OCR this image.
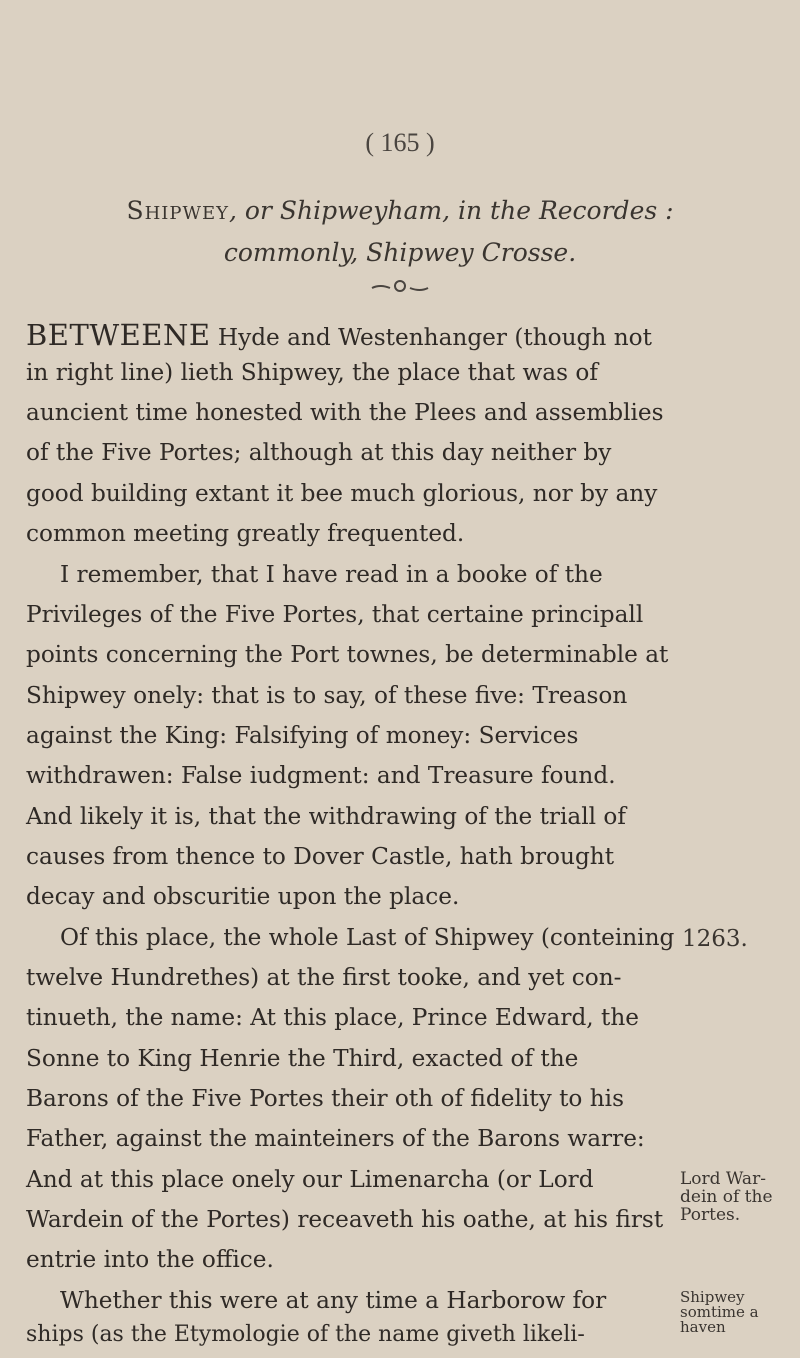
( 165 )
Shipwey, or Shipweyham, in the Recordes :
commonly, Shipwey Crosse.
BETWEENE Hyde and Westenhanger (though not
in right line) lieth Shipwey, the place that was of
auncient time honested with the Plees and assemblies
of the Five Portes; although at this day neither by
good building extant it bee much glorious, nor by any
common meeting greatly frequented.
I remember, that I have read in a booke of the
Privileges of the Five Portes, that certaine principall
points concerning the Port townes, be determinable at
Shipwey onely: that is to say, of these five: Treason
against the King: Falsifying of money: Services
withdrawen: False iudgment: and Treasure found.
And likely it is, that the withdrawing of the triall of
causes from thence to Dover Castle, hath brought
decay and obscuritie upon the place.
Of this place, the whole Last of Shipwey (conteining 1263.
twelve Hundrethes) at the first tooke, and yet con-
tinueth, the name: At this place, Prince Edward, the
Sonne to King Henrie the Third, exacted of the
Barons of the Five Portes their oth of fidelity to his
Father, against the mainteiners of the Barons warre:
And at this place onely our Limenarcha (or Lord
Wardein of the Portes) receaveth his oathe, at his first
entrie into the office.
Lord War-
dein of the
Portes.
Whether this were at any time a Harborow for
ships (as the Etymologie of the name giveth likeli-
Shipwey
somtime a
haven
